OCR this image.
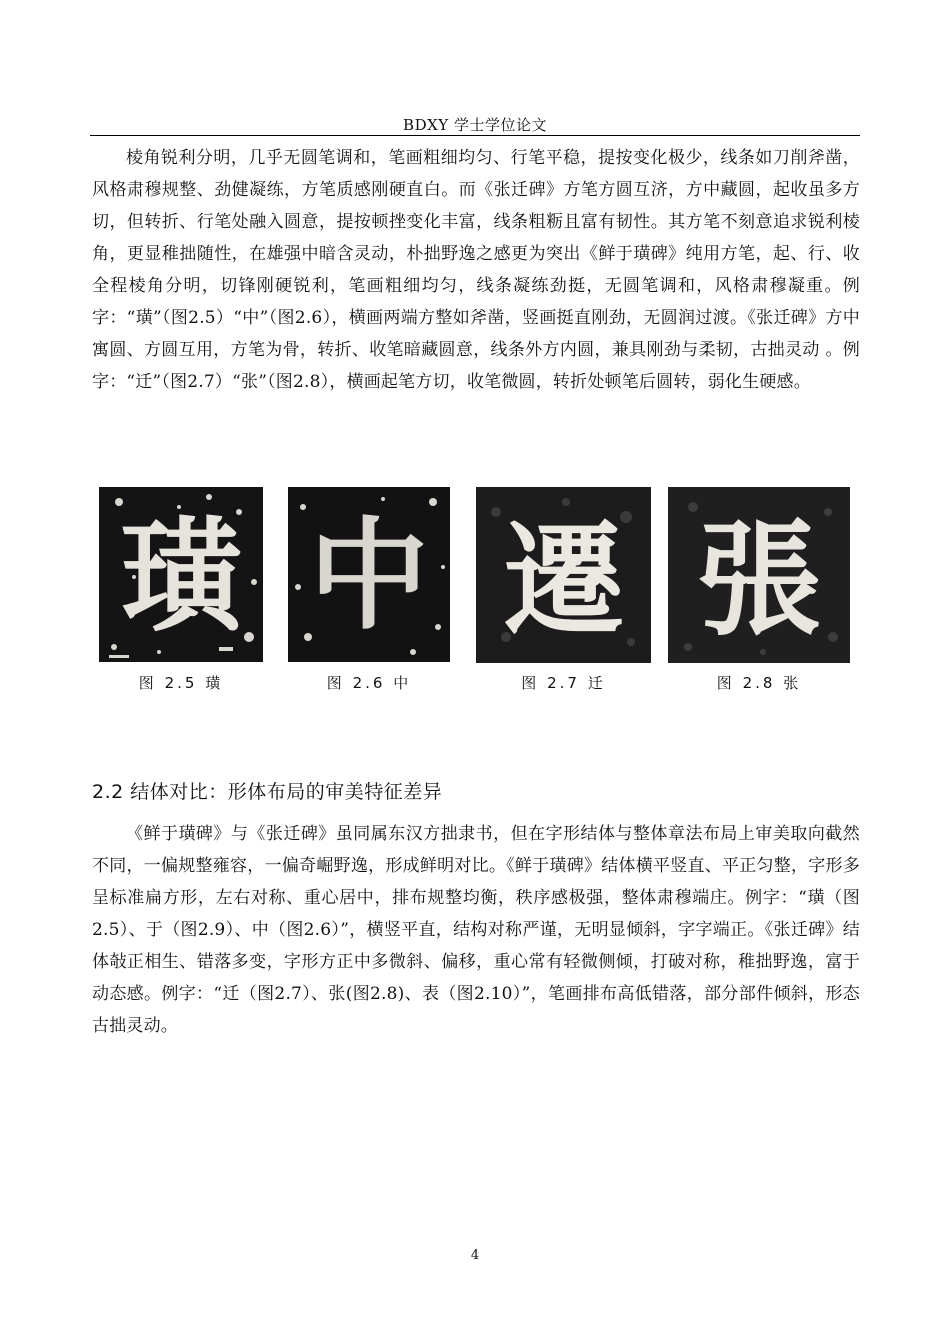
BDXY 学士学位论文

棱角锐利分明，几乎无圆笔调和，笔画粗细均匀、行笔平稳，提按变化极少，线条如刀削斧凿，风格肃穆规整、劲健凝练，方笔质感刚硬直白。而《张迁碑》方笔方圆互济，方中藏圆，起收虽多方切，但转折、行笔处融入圆意，提按顿挫变化丰富，线条粗粝且富有韧性。其方笔不刻意追求锐利棱角，更显稚拙随性，在雄强中暗含灵动，朴拙野逸之感更为突出《鲜于璜碑》纯用方笔，起、行、收全程棱角分明，切锋刚硬锐利，笔画粗细均匀，线条凝练劲挺，无圆笔调和，风格肃穆凝重。例字：“璜”（图2.5）“中”（图2.6），横画两端方整如斧凿，竖画挺直刚劲，无圆润过渡。《张迁碑》方中寓圆、方圆互用，方笔为骨，转折、收笔暗藏圆意，线条外方内圆，兼具刚劲与柔韧，古拙灵动 。例字：“迁”（图2.7）“张”（图2.8），横画起笔方切，收笔微圆，转折处顿笔后圆转，弱化生硬感。

璜
图 2.5 璜
中
图 2.6 中
遷
图 2.7 迁
張
图 2.8 张
2.2 结体对比：形体布局的审美特征差异

《鲜于璜碑》与《张迁碑》虽同属东汉方拙隶书，但在字形结体与整体章法布局上审美取向截然不同，一偏规整雍容，一偏奇崛野逸，形成鲜明对比。《鲜于璜碑》结体横平竖直、平正匀整，字形多呈标准扁方形，左右对称、重心居中，排布规整均衡，秩序感极强，整体肃穆端庄。例字：“璜（图2.5）、于（图2.9）、中（图2.6）”，横竖平直，结构对称严谨，无明显倾斜，字字端正。《张迁碑》结体敧正相生、错落多变，字形方正中多微斜、偏移，重心常有轻微侧倾，打破对称，稚拙野逸，富于动态感。例字：“迁（图2.7）、张(图2.8)、表（图2.10）”，笔画排布高低错落，部分部件倾斜，形态古拙灵动。

4
